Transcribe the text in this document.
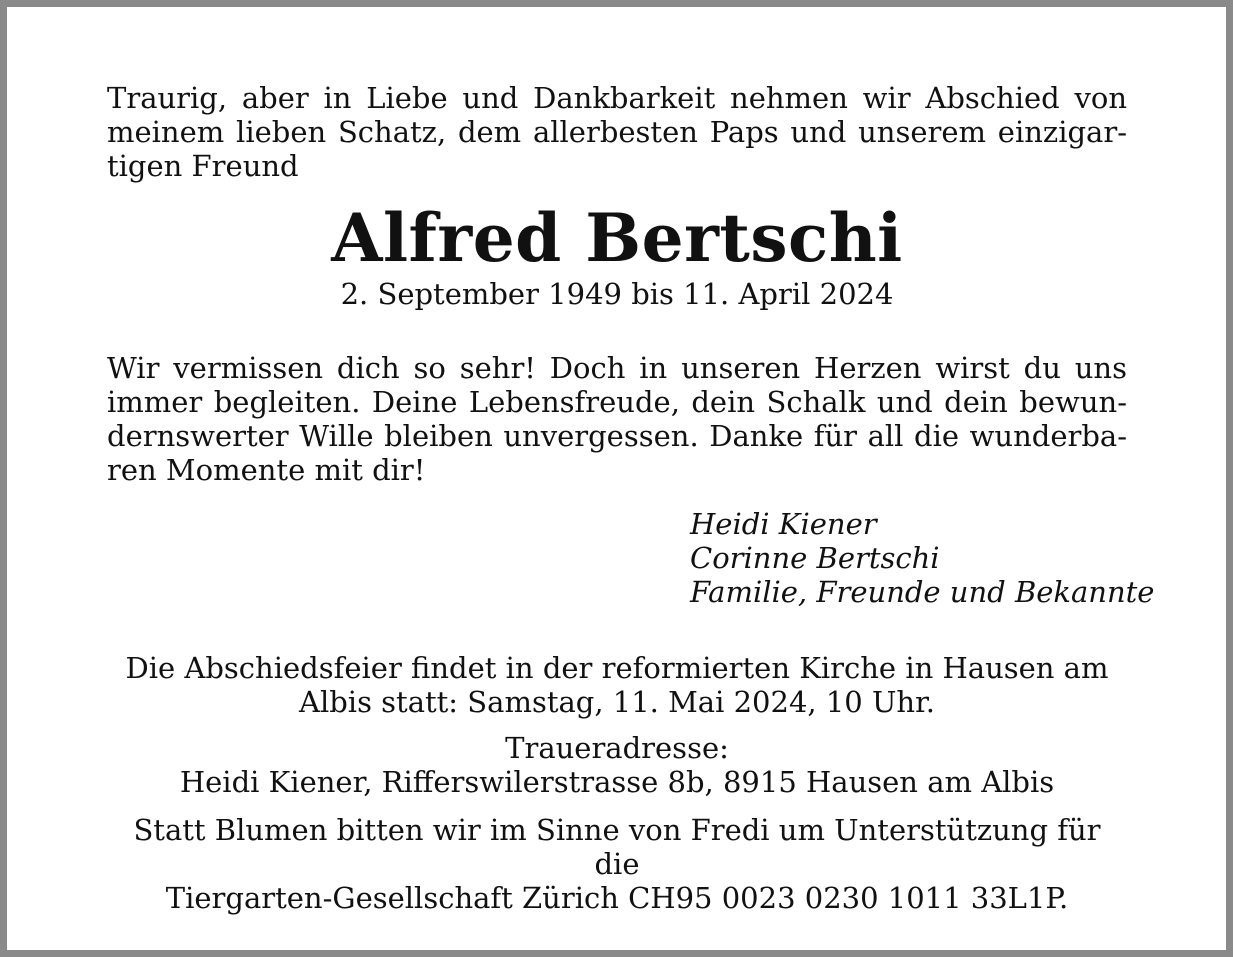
Traurig, aber in Liebe und Dankbarkeit nehmen wir Abschied von
meinem lieben Schatz, dem allerbesten Paps und unserem einzigar-
tigen Freund
Alfred Bertschi
2. September 1949 bis 11. April 2024
Wir vermissen dich so sehr! Doch in unseren Herzen wirst du uns
immer begleiten. Deine Lebensfreude, dein Schalk und dein bewun-
dernswerter Wille bleiben unvergessen. Danke für all die wunderba-
ren Momente mit dir!
Heidi Kiener
Corinne Bertschi
Familie, Freunde und Bekannte
Die Abschiedsfeier findet in der reformierten Kirche in Hausen am
Albis statt: Samstag, 11. Mai 2024, 10 Uhr.
Traueradresse:
Heidi Kiener, Rifferswilerstrasse 8b, 8915 Hausen am Albis
Statt Blumen bitten wir im Sinne von Fredi um Unterstützung für die
Tiergarten-Gesellschaft Zürich CH95 0023 0230 1011 33L1P.
